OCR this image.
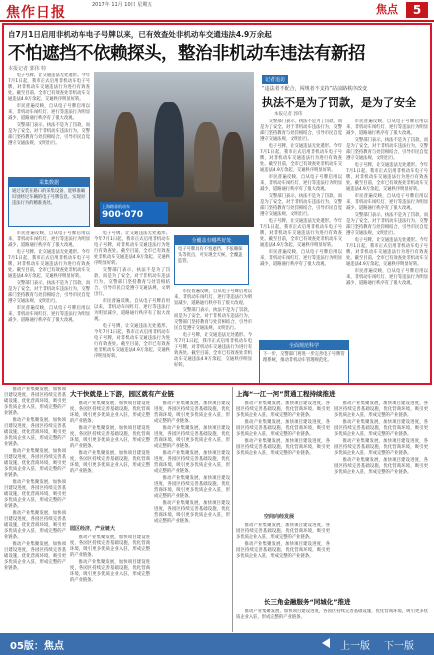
焦作日报	2017年 11月 10日 星期五	焦点	5
自7月1日启用非机动车电子号牌以来，已有效查处非机动车交通违法4.9万余起
不怕遮挡不依赖探头，整治非机动车违法有新招
本报记者 郭伟 特

电子号牌，让交通违法无处遁形。今年7月1日起，我市正式启用非机动车电子号牌，对非机动车交通违法行为进行有效查处。截至目前，全市已有效查处非机动车交通违法4.9万余起，交通秩序明显好转。

市民普遍反映，自从电子号牌启用以来，非机动车闯红灯、逆行等违法行为明显减少，道路通行秩序有了很大改观。

交警部门表示，执法不是为了罚款，而是为了安全。对于非机动车违法行为，交警部门坚持教育与处罚相结合，引导市民自觉遵守交通法规，文明出行。

采集数据
通过安装在路口的采集设备，能够准确识别经过车辆的电子号牌信息，实现对违法行为的精准查处。

市民普遍反映，自从电子号牌启用以来，非机动车闯红灯、逆行等违法行为明显减少，道路通行秩序有了很大改观。

电子号牌，让交通违法无处遁形。今年7月1日起，我市正式启用非机动车电子号牌，对非机动车交通违法行为进行有效查处。截至目前，全市已有效查处非机动车交通违法4.9万余起，交通秩序明显好转。

交警部门表示，执法不是为了罚款，而是为了安全。对于非机动车违法行为，交警部门坚持教育与处罚相结合，引导市民自觉遵守交通法规，文明出行。

市民普遍反映，自从电子号牌启用以来，非机动车闯红灯、逆行等违法行为明显减少，道路通行秩序有了很大改观。

上海路非机动车
900·070

电子号牌，让交通违法无处遁形。今年7月1日起，我市正式启用非机动车电子号牌，对非机动车交通违法行为进行有效查处。截至目前，全市已有效查处非机动车交通违法4.9万余起，交通秩序明显好转。

交警部门表示，执法不是为了罚款，而是为了安全。对于非机动车违法行为，交警部门坚持教育与处罚相结合，引导市民自觉遵守交通法规，文明出行。

市民普遍反映，自从电子号牌启用以来，非机动车闯红灯、逆行等违法行为明显减少，道路通行秩序有了很大改观。

电子号牌，让交通违法无处遁形。今年7月1日起，我市正式启用非机动车电子号牌，对非机动车交通违法行为进行有效查处。截至目前，全市已有效查处非机动车交通违法4.9万余起，交通秩序明显好转。

全覆盖有哪些好处
电子号牌具有不怕遮挡、不依赖探头等优点，可实现全天候、全覆盖监管。

市民普遍反映，自从电子号牌启用以来，非机动车闯红灯、逆行等违法行为明显减少，道路通行秩序有了很大改观。

交警部门表示，执法不是为了罚款，而是为了安全。对于非机动车违法行为，交警部门坚持教育与处罚相结合，引导市民自觉遵守交通法规，文明出行。

电子号牌，让交通违法无处遁形。今年7月1日起，我市正式启用非机动车电子号牌，对非机动车交通违法行为进行有效查处。截至目前，全市已有效查处非机动车交通违法4.9万余起，交通秩序明显好转。

记者追访
“违法者不配合，闯规者不支持”站前路秩序改变
执法不是为了罚款，是为了安全
本报记者 郭伟

交警部门表示，执法不是为了罚款，而是为了安全。对于非机动车违法行为，交警部门坚持教育与处罚相结合，引导市民自觉遵守交通法规，文明出行。

电子号牌，让交通违法无处遁形。今年7月1日起，我市正式启用非机动车电子号牌，对非机动车交通违法行为进行有效查处。截至目前，全市已有效查处非机动车交通违法4.9万余起，交通秩序明显好转。

市民普遍反映，自从电子号牌启用以来，非机动车闯红灯、逆行等违法行为明显减少，道路通行秩序有了很大改观。

交警部门表示，执法不是为了罚款，而是为了安全。对于非机动车违法行为，交警部门坚持教育与处罚相结合，引导市民自觉遵守交通法规，文明出行。

电子号牌，让交通违法无处遁形。今年7月1日起，我市正式启用非机动车电子号牌，对非机动车交通违法行为进行有效查处。截至目前，全市已有效查处非机动车交通违法4.9万余起，交通秩序明显好转。

市民普遍反映，自从电子号牌启用以来，非机动车闯红灯、逆行等违法行为明显减少，道路通行秩序有了很大改观。

市民普遍反映，自从电子号牌启用以来，非机动车闯红灯、逆行等违法行为明显减少，道路通行秩序有了很大改观。

交警部门表示，执法不是为了罚款，而是为了安全。对于非机动车违法行为，交警部门坚持教育与处罚相结合，引导市民自觉遵守交通法规，文明出行。

电子号牌，让交通违法无处遁形。今年7月1日起，我市正式启用非机动车电子号牌，对非机动车交通违法行为进行有效查处。截至目前，全市已有效查处非机动车交通违法4.9万余起，交通秩序明显好转。

市民普遍反映，自从电子号牌启用以来，非机动车闯红灯、逆行等违法行为明显减少，道路通行秩序有了很大改观。

交警部门表示，执法不是为了罚款，而是为了安全。对于非机动车违法行为，交警部门坚持教育与处罚相结合，引导市民自觉遵守交通法规，文明出行。

电子号牌，让交通违法无处遁形。今年7月1日起，我市正式启用非机动车电子号牌，对非机动车交通违法行为进行有效查处。截至目前，全市已有效查处非机动车交通违法4.9万余起，交通秩序明显好转。

市民普遍反映，自从电子号牌启用以来，非机动车闯红灯、逆行等违法行为明显减少，道路通行秩序有了很大改观。

全面规范科学
下一步，交警部门将进一步完善电子号牌管理系统，推动非机动车管理规范化。

推动产业集聚发展，加快项目建设进度，各园区持续完善基础设施，优化营商环境，吸引更多优质企业入驻，形成完整的产业链条。

推动产业集聚发展，加快项目建设进度，各园区持续完善基础设施，优化营商环境，吸引更多优质企业入驻，形成完整的产业链条。

推动产业集聚发展，加快项目建设进度，各园区持续完善基础设施，优化营商环境，吸引更多优质企业入驻，形成完整的产业链条。

推动产业集聚发展，加快项目建设进度，各园区持续完善基础设施，优化营商环境，吸引更多优质企业入驻，形成完整的产业链条。

推动产业集聚发展，加快项目建设进度，各园区持续完善基础设施，优化营商环境，吸引更多优质企业入驻，形成完整的产业链条。

推动产业集聚发展，加快项目建设进度，各园区持续完善基础设施，优化营商环境，吸引更多优质企业入驻，形成完整的产业链条。

大干快就是上下游，园区就有产业链

推动产业集聚发展，加快项目建设进度，各园区持续完善基础设施，优化营商环境，吸引更多优质企业入驻，形成完整的产业链条。

推动产业集聚发展，加快项目建设进度，各园区持续完善基础设施，优化营商环境，吸引更多优质企业入驻，形成完整的产业链条。

推动产业集聚发展，加快项目建设进度，各园区持续完善基础设施，优化营商环境，吸引更多优质企业入驻，形成完整的产业链条。

园区经济，产业链大

推动产业集聚发展，加快项目建设进度，各园区持续完善基础设施，优化营商环境，吸引更多优质企业入驻，形成完整的产业链条。

推动产业集聚发展，加快项目建设进度，各园区持续完善基础设施，优化营商环境，吸引更多优质企业入驻，形成完整的产业链条。

推动产业集聚发展，加快项目建设进度，各园区持续完善基础设施，优化营商环境，吸引更多优质企业入驻，形成完整的产业链条。

推动产业集聚发展，加快项目建设进度，各园区持续完善基础设施，优化营商环境，吸引更多优质企业入驻，形成完整的产业链条。

推动产业集聚发展，加快项目建设进度，各园区持续完善基础设施，优化营商环境，吸引更多优质企业入驻，形成完整的产业链条。

推动产业集聚发展，加快项目建设进度，各园区持续完善基础设施，优化营商环境，吸引更多优质企业入驻，形成完整的产业链条。

推动产业集聚发展，加快项目建设进度，各园区持续完善基础设施，优化营商环境，吸引更多优质企业入驻，形成完整的产业链条。

上海“一江一河”贯通工程持续推进

推动产业集聚发展，加快项目建设进度，各园区持续完善基础设施，优化营商环境，吸引更多优质企业入驻，形成完整的产业链条。

推动产业集聚发展，加快项目建设进度，各园区持续完善基础设施，优化营商环境，吸引更多优质企业入驻，形成完整的产业链条。

推动产业集聚发展，加快项目建设进度，各园区持续完善基础设施，优化营商环境，吸引更多优质企业入驻，形成完整的产业链条。

空间向经发展

推动产业集聚发展，加快项目建设进度，各园区持续完善基础设施，优化营商环境，吸引更多优质企业入驻，形成完整的产业链条。

推动产业集聚发展，加快项目建设进度，各园区持续完善基础设施，优化营商环境，吸引更多优质企业入驻，形成完整的产业链条。

推动产业集聚发展，加快项目建设进度，各园区持续完善基础设施，优化营商环境，吸引更多优质企业入驻，形成完整的产业链条。

推动产业集聚发展，加快项目建设进度，各园区持续完善基础设施，优化营商环境，吸引更多优质企业入驻，形成完整的产业链条。

推动产业集聚发展，加快项目建设进度，各园区持续完善基础设施，优化营商环境，吸引更多优质企业入驻，形成完整的产业链条。

推动产业集聚发展，加快项目建设进度，各园区持续完善基础设施，优化营商环境，吸引更多优质企业入驻，形成完整的产业链条。

长三角金融服务“同城化”推进

推动产业集聚发展，加快项目建设进度，各园区持续完善基础设施，优化营商环境，吸引更多优质企业入驻，形成完整的产业链条。

05版：焦点	上一版 下一版
